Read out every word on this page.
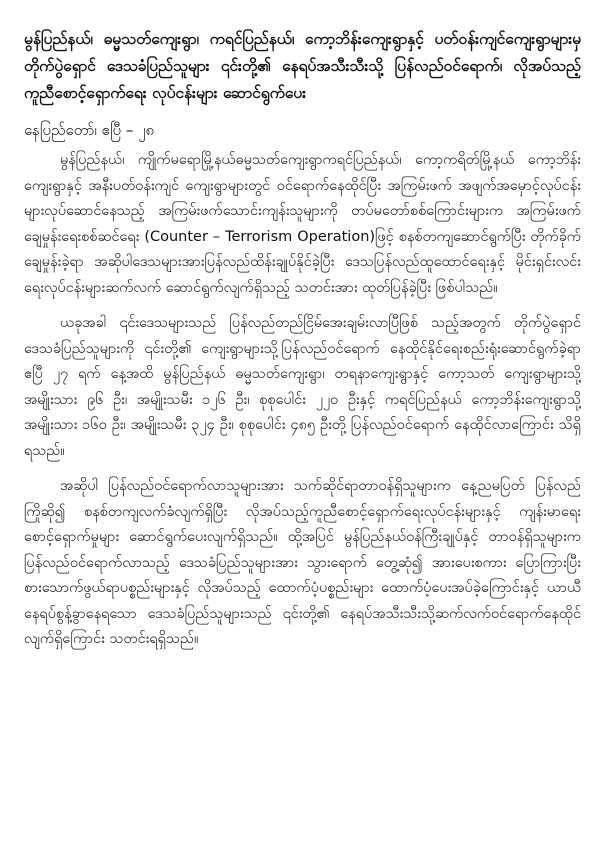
မွန်ပြည်နယ်၊ ဓမ္မသတ်ကျေးရွာ၊ ကရင်ပြည်နယ်၊ ကော့ဘိန်းကျေးရွာနှင့် ပတ်ဝန်းကျင်ကျေးရွာများမှ တိုက်ပွဲရှောင် ဒေသခံပြည်သူများ ၎င်းတို့၏ နေရပ်အသီးသီးသို့ ပြန်လည်ဝင်ရောက်၊ လိုအပ်သည့်ကူညီစောင့်ရှောက်ရေး လုပ်ငန်းများ ဆောင်ရွက်ပေး

နေပြည်တော်၊ ဧပြီ – ၂၈

မွန်ပြည်နယ်၊ ကျိုက်မရောမြို့နယ်ဓမ္မသတ်ကျေးရွာကရင်ပြည်နယ်၊ ကော့ကရိတ်မြို့နယ် ကော့ဘိန်းကျေးရွာနှင့် အနီးပတ်ဝန်းကျင် ကျေးရွာများတွင် ဝင်ရောက်နေထိုင်ပြီး အကြမ်းဖက် အဖျက်အမှောင့်လုပ်ငန်းများလုပ်ဆောင်နေသည့် အကြမ်းဖက်သောင်းကျန်းသူများကို တပ်မတော်စစ်ကြောင်းများက အကြမ်းဖက်ချေမှုန်းရေးစစ်ဆင်ရေး (Counter – Terrorism Operation)ဖြင့် စနစ်တကျဆောင်ရွက်ပြီး တိုက်ခိုက်ချေမှုန်းခဲ့ရာ အဆိုပါဒေသများအားပြန်လည်ထိန်းချုပ်နိုင်ခဲ့ပြီး ဒေသပြန်လည်ထူထောင်ရေးနှင့် မိုင်းရှင်းလင်းရေးလုပ်ငန်းများဆက်လက် ဆောင်ရွက်လျက်ရှိသည့် သတင်းအား ထုတ်ပြန်ခဲ့ပြီး ဖြစ်ပါသည်။

ယခုအခါ ၎င်းဒေသများသည် ပြန်လည်တည်ငြိမ်အေးချမ်းလာပြီဖြစ် သည့်အတွက် တိုက်ပွဲရှောင် ဒေသခံပြည်သူများကို ၎င်းတို့၏ ကျေးရွာများသို့ပြန်လည်ဝင်ရောက် နေထိုင်နိုင်ရေးစည်းရုံးဆောင်ရွက်ခဲ့ရာ ဧပြီ ၂၇ ရက် နေ့အထိ မွန်ပြည်နယ် ဓမ္မသတ်ကျေးရွာ၊ တရနာကျေးရွာနှင့် ကော့သတ် ကျေးရွာများသို့ အမျိုးသား ၉၆ ဦး၊ အမျိုးသမီး ၁၂၆ ဦး၊ စုစုပေါင်း ၂၂၀ ဦးနှင့် ကရင်ပြည်နယ် ကော့ဘိန်းကျေးရွာသို့ အမျိုးသား ၁၆၀ ဦး၊ အမျိုးသမီး ၃၂၄ ဦး၊ စုစုပေါင်း ၄၈၅ ဦးတို့ ပြန်လည်ဝင်ရောက် နေထိုင်လာကြောင်း သိရှိရသည်။

အဆိုပါ ပြန်လည်ဝင်ရောက်လာသူများအား သက်ဆိုင်ရာတာဝန်ရှိသူများက နေ့ညမပြတ် ပြန်လည်ကြိုဆို၍ စနစ်တကျလက်ခံလျက်ရှိပြီး လိုအပ်သည့်ကူညီစောင့်ရှောက်ရေးလုပ်ငန်းများနှင့် ကျန်းမာရေးစောင့်ရှောက်မှုများ ဆောင်ရွက်ပေးလျက်ရှိသည်။ ထို့အပြင် မွန်ပြည်နယ်ဝန်ကြီးချုပ်နှင့် တာဝန်ရှိသူများက ပြန်လည်ဝင်ရောက်လာသည့် ဒေသခံပြည်သူများအား သွားရောက် တွေ့ဆုံ၍ အားပေးစကား ပြောကြားပြီး စားသောက်ဖွယ်ရာပစ္စည်းများနှင့် လိုအပ်သည့် ထောက်ပံ့ပစ္စည်းများ ထောက်ပံ့ပေးအပ်ခဲ့ကြောင်းနှင့် ယာယီနေရပ်စွန့်ခွာနေရသော ဒေသခံပြည်သူများသည် ၎င်းတို့၏ နေရပ်အသီးသီးသို့ဆက်လက်ဝင်ရောက်နေထိုင် လျက်ရှိကြောင်း သတင်းရရှိသည်။
